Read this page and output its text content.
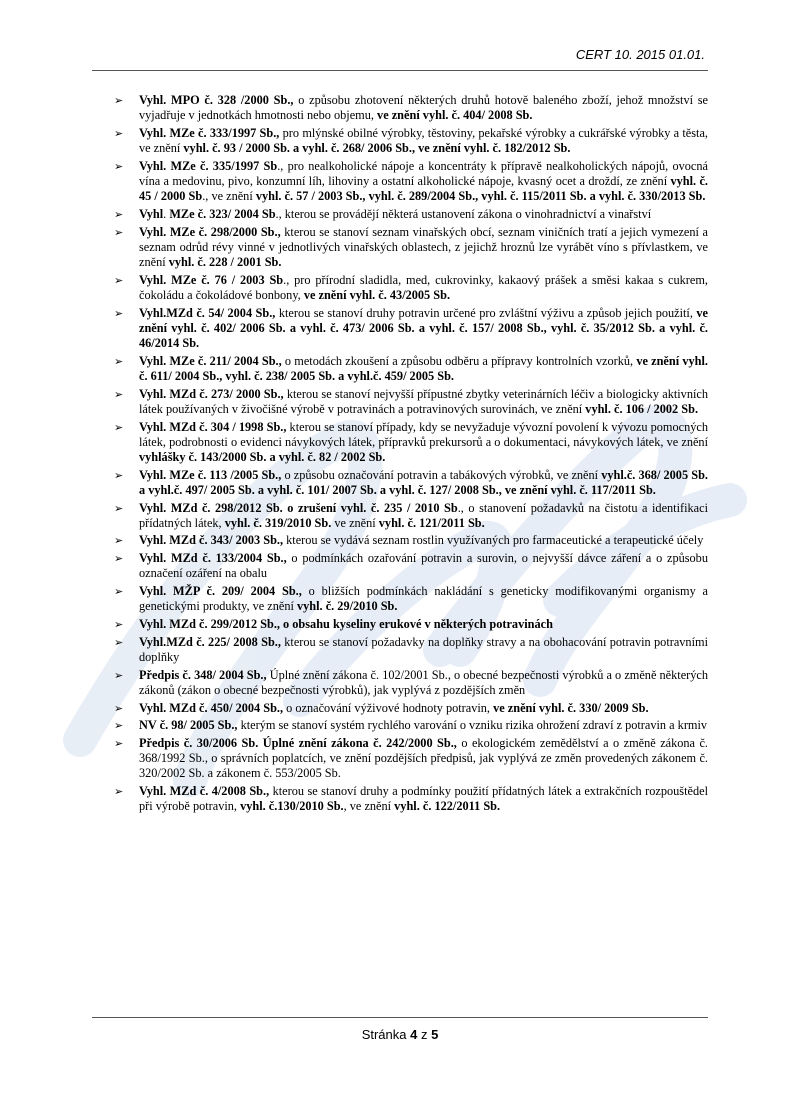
CERT 10. 2015 01.01.
➢ Vyhl. MPO č. 328 /2000 Sb., o způsobu zhotovení některých druhů hotově baleného zboží, jehož množství se vyjadřuje v jednotkách hmotnosti nebo objemu, ve znění vyhl. č. 404/ 2008 Sb.
➢ Vyhl. MZe č. 333/1997 Sb., pro mlýnské obilné výrobky, těstoviny, pekařské výrobky a cukrářské výrobky a těsta, ve znění vyhl. č. 93 / 2000 Sb. a vyhl. č. 268/ 2006 Sb., ve znění vyhl. č. 182/2012 Sb.
➢ Vyhl. MZe č. 335/1997 Sb., pro nealkoholické nápoje a koncentráty k přípravě nealkoholických nápojů, ovocná vína a medovinu, pivo, konzumní líh, lihoviny a ostatní alkoholické nápoje, kvasný ocet a droždí, ze znění vyhl. č. 45 / 2000 Sb., ve znění vyhl. č. 57 / 2003 Sb., vyhl. č. 289/2004 Sb., vyhl. č. 115/2011 Sb. a vyhl. č. 330/2013 Sb.
➢ Vyhl. MZe č. 323/ 2004 Sb., kterou se provádějí některá ustanovení zákona o vinohradnictví a vinařství
➢ Vyhl. MZe č. 298/2000 Sb., kterou se stanoví seznam vinařských obcí, seznam viničních tratí a jejich vymezení a seznam odrůd révy vinné v jednotlivých vinařských oblastech, z jejichž hroznů lze vyrábět víno s přívlastkem, ve znění vyhl. č. 228 / 2001 Sb.
➢ Vyhl. MZe č. 76 / 2003 Sb., pro přírodní sladidla, med, cukrovinky, kakaový prášek a směsi kakaa s cukrem, čokoládu a čokoládové bonbony, ve znění vyhl. č. 43/2005 Sb.
➢ Vyhl.MZd č. 54/ 2004 Sb., kterou se stanoví druhy potravin určené pro zvláštní výživu a způsob jejich použití, ve znění vyhl. č. 402/ 2006 Sb. a vyhl. č. 473/ 2006 Sb. a vyhl. č. 157/ 2008 Sb., vyhl. č. 35/2012 Sb. a vyhl. č. 46/2014 Sb.
➢ Vyhl. MZe č. 211/ 2004 Sb., o metodách zkoušení a způsobu odběru a přípravy kontrolních vzorků, ve znění vyhl. č. 611/ 2004 Sb., vyhl. č. 238/ 2005 Sb. a vyhl.č. 459/ 2005 Sb.
➢ Vyhl. MZd č. 273/ 2000 Sb., kterou se stanoví nejvyšší přípustné zbytky veterinárních léčiv a biologicky aktivních látek používaných v živočišné výrobě v potravinách a potravinových surovinách, ve znění vyhl. č. 106 / 2002 Sb.
➢ Vyhl. MZd č. 304 / 1998 Sb., kterou se stanoví případy, kdy se nevyžaduje vývozní povolení k vývozu pomocných látek, podrobnosti o evidenci návykových látek, přípravků prekursorů a o dokumentaci, návykových látek, ve znění vyhlášky č. 143/2000 Sb. a vyhl. č. 82 / 2002 Sb.
➢ Vyhl. MZe č. 113 /2005 Sb., o způsobu označování potravin a tabákových výrobků, ve znění vyhl.č. 368/ 2005 Sb. a vyhl.č. 497/ 2005 Sb. a vyhl. č. 101/ 2007 Sb. a vyhl. č. 127/ 2008 Sb., ve znění vyhl. č. 117/2011 Sb.
➢ Vyhl. MZd č. 298/2012 Sb. o zrušení vyhl. č. 235 / 2010 Sb., o stanovení požadavků na čistotu a identifikaci přídatných látek, vyhl. č. 319/2010 Sb. ve znění vyhl. č. 121/2011 Sb.
➢ Vyhl. MZd č. 343/ 2003 Sb., kterou se vydává seznam rostlin využívaných pro farmaceutické a terapeutické účely
➢ Vyhl. MZd č. 133/2004 Sb., o podmínkách ozařování potravin a surovin, o nejvyšší dávce záření a o způsobu označení ozáření na obalu
➢ Vyhl. MŽP č. 209/ 2004 Sb., o bližších podmínkách nakládání s geneticky modifikovanými organismy a genetickými produkty, ve znění vyhl. č. 29/2010 Sb.
➢ Vyhl. MZd č. 299/2012 Sb., o obsahu kyseliny erukové v některých potravinách
➢ Vyhl.MZd č. 225/ 2008 Sb., kterou se stanoví požadavky na doplňky stravy a na obohacování potravin potravními doplňky
➢ Předpis č. 348/ 2004 Sb., Úplné znění zákona č. 102/2001 Sb., o obecné bezpečnosti výrobků a o změně některých zákonů (zákon o obecné bezpečnosti výrobků), jak vyplývá z pozdějších změn
➢ Vyhl. MZd č. 450/ 2004 Sb., o označování výživové hodnoty potravin, ve znění vyhl. č. 330/ 2009 Sb.
➢ NV č. 98/ 2005 Sb., kterým se stanoví systém rychlého varování o vzniku rizika ohrožení zdraví z potravin a krmiv
➢ Předpis č. 30/2006 Sb. Úplné znění zákona č. 242/2000 Sb., o ekologickém zemědělství a o změně zákona č. 368/1992 Sb., o správních poplatcích, ve znění pozdějších předpisů, jak vyplývá ze změn provedených zákonem č. 320/2002 Sb. a zákonem č. 553/2005 Sb.
➢ Vyhl. MZd č. 4/2008 Sb., kterou se stanoví druhy a podmínky použití přídatných látek a extrakčních rozpouštědel při výrobě potravin, vyhl. č.130/2010 Sb., ve znění vyhl. č. 122/2011 Sb.
Stránka 4 z 5
